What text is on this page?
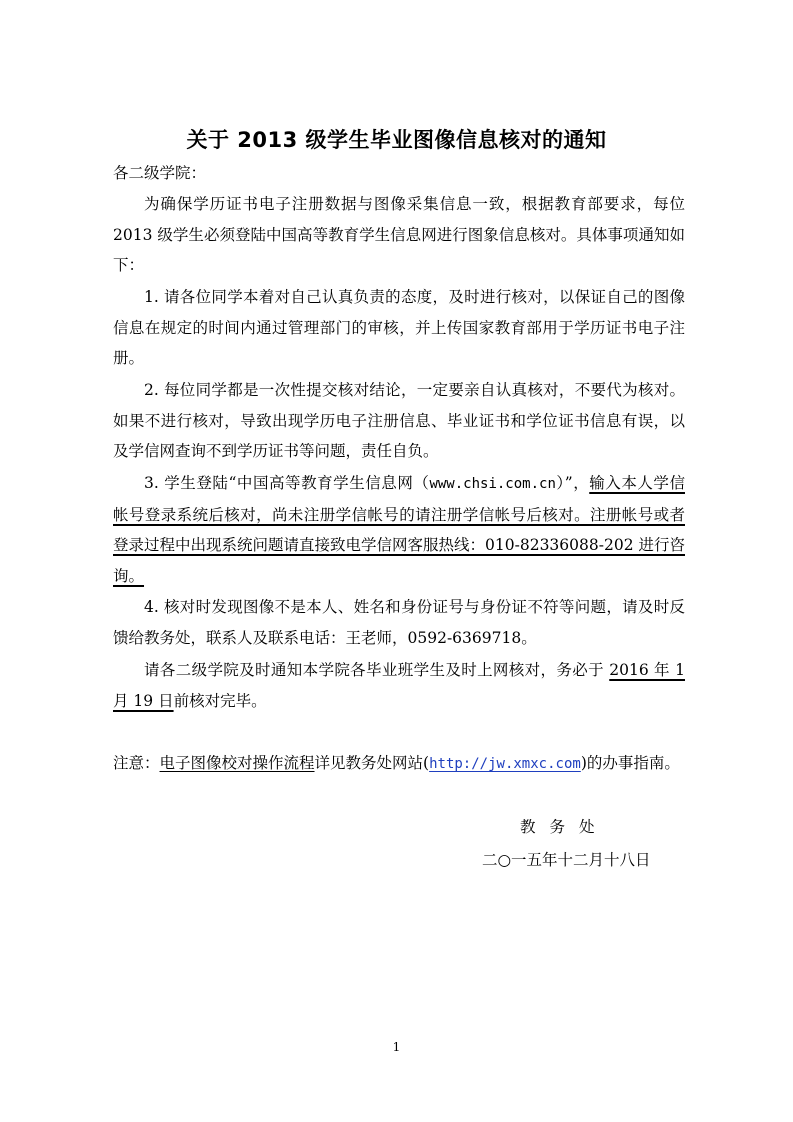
关于 2013 级学生毕业图像信息核对的通知
各二级学院：

为确保学历证书电子注册数据与图像采集信息一致，根据教育部要求，每位 2013 级学生必须登陆中国高等教育学生信息网进行图象信息核对。具体事项通知如下：

1. 请各位同学本着对自己认真负责的态度，及时进行核对，以保证自己的图像信息在规定的时间内通过管理部门的审核，并上传国家教育部用于学历证书电子注册。

2. 每位同学都是一次性提交核对结论，一定要亲自认真核对，不要代为核对。如果不进行核对，导致出现学历电子注册信息、毕业证书和学位证书信息有误，以及学信网查询不到学历证书等问题，责任自负。

3. 学生登陆“中国高等教育学生信息网（www.chsi.com.cn）”，输入本人学信帐号登录系统后核对，尚未注册学信帐号的请注册学信帐号后核对。注册帐号或者登录过程中出现系统问题请直接致电学信网客服热线：010-82336088-202 进行咨询。

4. 核对时发现图像不是本人、姓名和身份证号与身份证不符等问题，请及时反馈给教务处，联系人及联系电话：王老师，0592-6369718。

请各二级学院及时通知本学院各毕业班学生及时上网核对，务必于 2016 年 1 月 19 日前核对完毕。

注意：电子图像校对操作流程详见教务处网站(http://jw.xmxc.com)的办事指南。
教务处
二○一五年十二月十八日
1
